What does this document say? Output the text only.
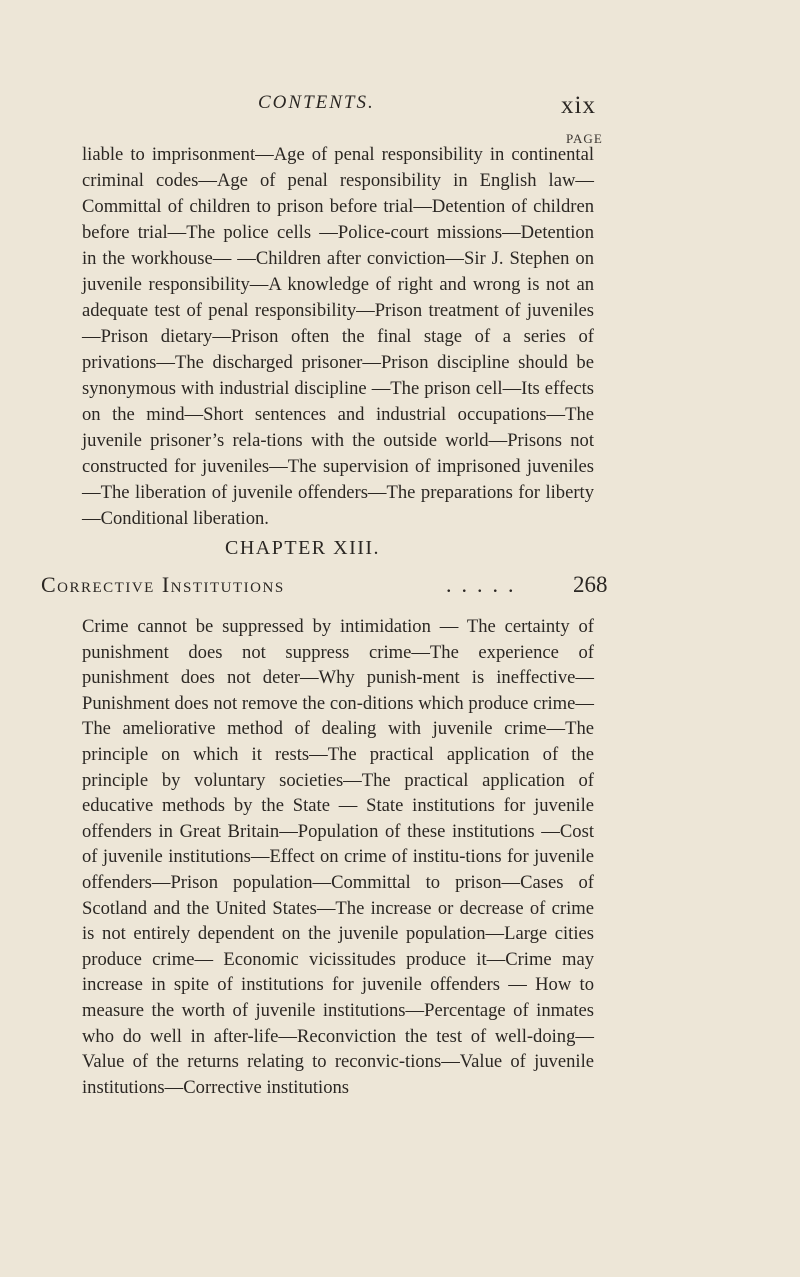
CONTENTS.	xix
PAGE
liable to imprisonment—Age of penal responsibility in continental criminal codes—Age of penal responsibility in English law—Committal of children to prison before trial—Detention of children before trial—The police cells —Police-court missions—Detention in the workhouse— —Children after conviction—Sir J. Stephen on juvenile responsibility—A knowledge of right and wrong is not an adequate test of penal responsibility—Prison treatment of juveniles—Prison dietary—Prison often the final stage of a series of privations—The discharged prisoner—Prison discipline should be synonymous with industrial discipline —The prison cell—Its effects on the mind—Short sentences and industrial occupations—The juvenile prisoner’s rela-tions with the outside world—Prisons not constructed for juveniles—The supervision of imprisoned juveniles—The liberation of juvenile offenders—The preparations for liberty—Conditional liberation.
CHAPTER XIII.
Corrective Institutions	..... 268
Crime cannot be suppressed by intimidation — The certainty of punishment does not suppress crime—The experience of punishment does not deter—Why punish-ment is ineffective—Punishment does not remove the con-ditions which produce crime—The ameliorative method of dealing with juvenile crime—The principle on which it rests—The practical application of the principle by voluntary societies—The practical application of educative methods by the State — State institutions for juvenile offenders in Great Britain—Population of these institutions —Cost of juvenile institutions—Effect on crime of institu-tions for juvenile offenders—Prison population—Committal to prison—Cases of Scotland and the United States—The increase or decrease of crime is not entirely dependent on the juvenile population—Large cities produce crime— Economic vicissitudes produce it—Crime may increase in spite of institutions for juvenile offenders — How to measure the worth of juvenile institutions—Percentage of inmates who do well in after-life—Reconviction the test of well-doing—Value of the returns relating to reconvic-tions—Value of juvenile institutions—Corrective institutions
